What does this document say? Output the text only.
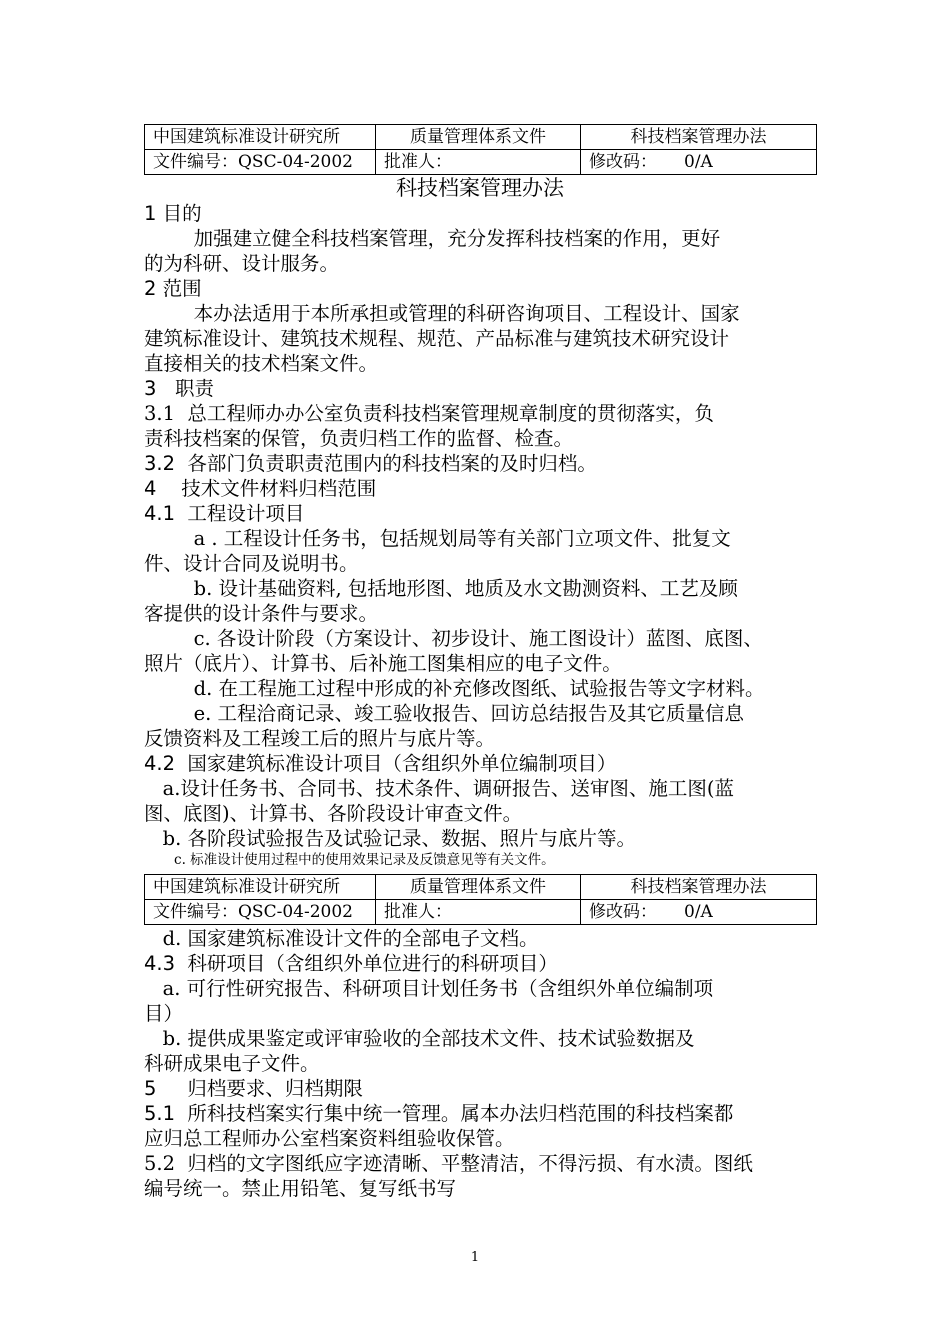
中国建筑标准设计研究所	质量管理体系文件	科技档案管理办法
文件编号：QSC-04-2002	批准人：	修改码：     0/A
科技档案管理办法
1 目的
加强建立健全科技档案管理，充分发挥科技档案的作用，更好
的为科研、设计服务。
2 范围
本办法适用于本所承担或管理的科研咨询项目、工程设计、国家
建筑标准设计、建筑技术规程、规范、产品标准与建筑技术研究设计
直接相关的技术档案文件。
3   职责
3.1  总工程师办办公室负责科技档案管理规章制度的贯彻落实，负
责科技档案的保管，负责归档工作的监督、检查。
3.2  各部门负责职责范围内的科技档案的及时归档。
4    技术文件材料归档范围
4.1  工程设计项目
a . 工程设计任务书，包括规划局等有关部门立项文件、批复文
件、设计合同及说明书。
b. 设计基础资料, 包括地形图、地质及水文勘测资料、工艺及顾
客提供的设计条件与要求。
c. 各设计阶段（方案设计、初步设计、施工图设计）蓝图、底图、
照片（底片）、计算书、后补施工图集相应的电子文件。
d. 在工程施工过程中形成的补充修改图纸、试验报告等文字材料。
e. 工程洽商记录、竣工验收报告、回访总结报告及其它质量信息
反馈资料及工程竣工后的照片与底片等。
4.2  国家建筑标准设计项目（含组织外单位编制项目）
a.设计任务书、合同书、技术条件、调研报告、送审图、施工图(蓝
图、底图)、计算书、各阶段设计审查文件。
b. 各阶段试验报告及试验记录、数据、照片与底片等。
c. 标准设计使用过程中的使用效果记录及反馈意见等有关文件。
中国建筑标准设计研究所	质量管理体系文件	科技档案管理办法
文件编号：QSC-04-2002	批准人：	修改码：     0/A
d. 国家建筑标准设计文件的全部电子文档。
4.3  科研项目（含组织外单位进行的科研项目）
a. 可行性研究报告、科研项目计划任务书（含组织外单位编制项
目）
b. 提供成果鉴定或评审验收的全部技术文件、技术试验数据及
科研成果电子文件。
5     归档要求、归档期限
5.1  所科技档案实行集中统一管理。属本办法归档范围的科技档案都
应归总工程师办公室档案资料组验收保管。
5.2  归档的文字图纸应字迹清晰、平整清洁，不得污损、有水渍。图纸
编号统一。禁止用铅笔、复写纸书写
1
